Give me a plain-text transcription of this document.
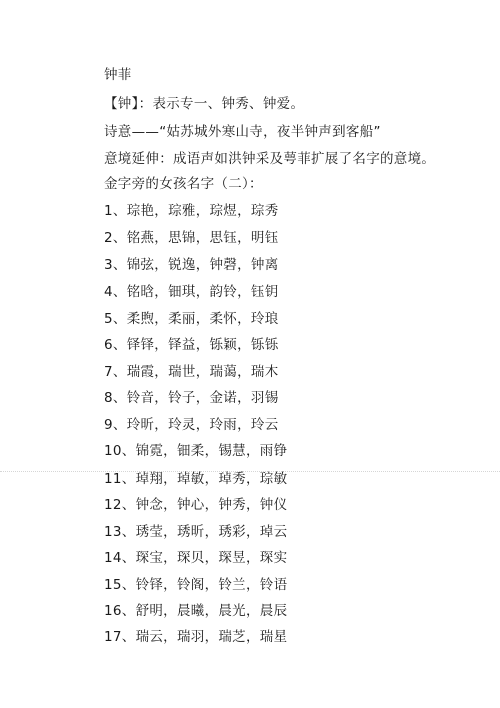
钟菲
【钟】：表示专一、钟秀、钟爱。
诗意——“姑苏城外寒山寺，夜半钟声到客船”
意境延伸：成语声如洪钟采及萼菲扩展了名字的意境。
金字旁的女孩名字（二）：
1、琮艳，琮雅，琮煜，琮秀
2、铭燕，思锦，思钰，明钰
3、锦弦，锐逸，钟磬，钟离
4、铭晗，钿琪，韵铃，钰钥
5、柔煦，柔丽，柔怀，玲琅
6、铎铎，铎益，铄颖，铄铄
7、瑞霞，瑞世，瑞蔼，瑞木
8、铃音，铃子，金诺，羽锡
9、玲昕，玲灵，玲雨，玲云
10、锦霓，钿柔，锡慧，雨铮
11、琸翔，琸敏，琸秀，琮敏
12、钟念，钟心，钟秀，钟仪
13、琇莹，琇昕，琇彩，琸云
14、琛宝，琛贝，琛昱，琛实
15、铃铎，铃阁，铃兰，铃语
16、舒明，晨曦，晨光，晨辰
17、瑞云，瑞羽，瑞芝，瑞星
